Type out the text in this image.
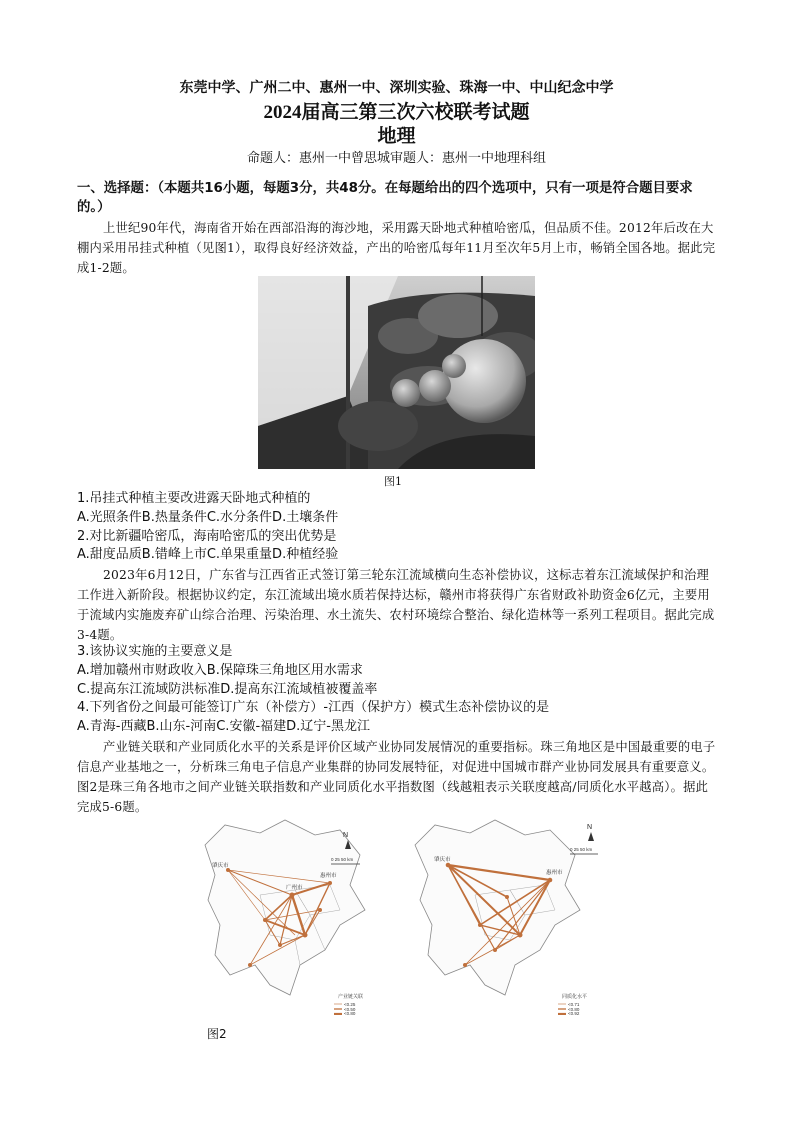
东莞中学、广州二中、惠州一中、深圳实验、珠海一中、中山纪念中学
2024届高三第三次六校联考试题
地理
命题人：惠州一中曾思城审题人：惠州一中地理科组
一、选择题：（本题共16小题，每题3分，共48分。在每题给出的四个选项中，只有一项是符合题目要求的。）
上世纪90年代，海南省开始在西部沿海的海沙地，采用露天卧地式种植哈密瓜，但品质不佳。2012年后改在大棚内采用吊挂式种植（见图1），取得良好经济效益，产出的哈密瓜每年11月至次年5月上市，畅销全国各地。据此完成1-2题。
图1
1.吊挂式种植主要改进露天卧地式种植的
A.光照条件B.热量条件C.水分条件D.土壤条件
2.对比新疆哈密瓜，海南哈密瓜的突出优势是
A.甜度品质B.错峰上市C.单果重量D.种植经验
2023年6月12日，广东省与江西省正式签订第三轮东江流域横向生态补偿协议，这标志着东江流域保护和治理工作进入新阶段。根据协议约定，东江流域出境水质若保持达标，赣州市将获得广东省财政补助资金6亿元，主要用于流域内实施废弃矿山综合治理、污染治理、水土流失、农村环境综合整治、绿化造林等一系列工程项目。据此完成3-4题。
3.该协议实施的主要意义是
A.增加赣州市财政收入B.保障珠三角地区用水需求
C.提高东江流域防洪标准D.提高东江流域植被覆盖率
4.下列省份之间最可能签订广东（补偿方）-江西（保护方）模式生态补偿协议的是
A.青海-西藏B.山东-河南C.安徽-福建D.辽宁-黑龙江
产业链关联和产业同质化水平的关系是评价区域产业协同发展情况的重要指标。珠三角地区是中国最重要的电子信息产业基地之一，分析珠三角电子信息产业集群的协同发展特征，对促进中国城市群产业协同发展具有重要意义。图2是珠三角各地市之间产业链关联指数和产业同质化水平指数图（线越粗表示关联度越高/同质化水平越高）。据此完成5-6题。
肇庆市
广州市
惠州市
N
0 25 50 km
产业链关联
<0.25
<0.50
<0.80
肇庆市
惠州市
N
0 25 50 km
同质化水平
<0.71
<0.80
<0.92
图2
